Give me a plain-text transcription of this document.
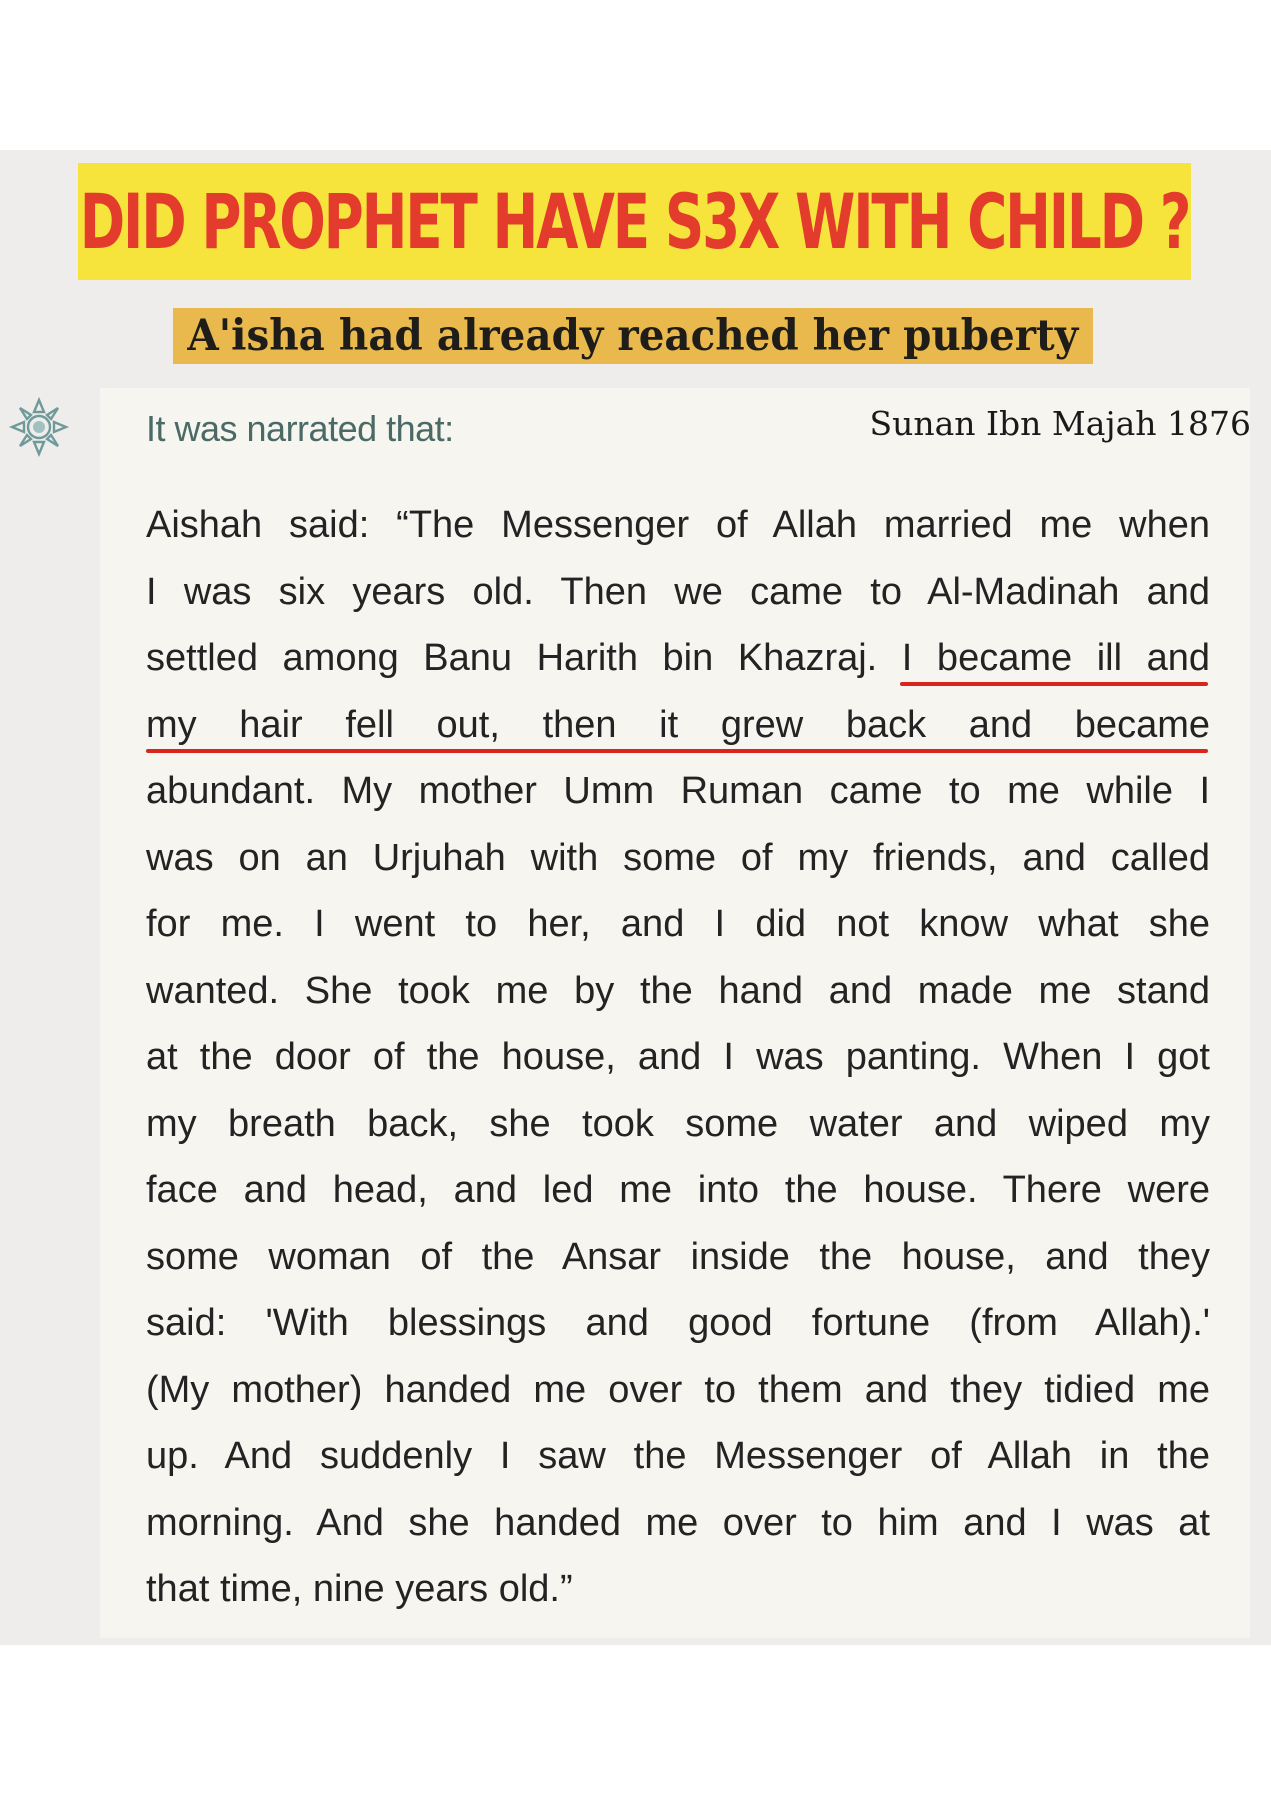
DID PROPHET HAVE S3X WITH CHILD ?
A'isha had already reached her puberty
It was narrated that:	Sunan Ibn Majah 1876
Aishah said: “The Messenger of Allah married me when
I was six years old. Then we came to Al-Madinah and
settled among Banu Harith bin Khazraj. I became ill and
my hair fell out, then it grew back and became
abundant. My mother Umm Ruman came to me while I
was on an Urjuhah with some of my friends, and called
for me. I went to her, and I did not know what she
wanted. She took me by the hand and made me stand
at the door of the house, and I was panting. When I got
my breath back, she took some water and wiped my
face and head, and led me into the house. There were
some woman of the Ansar inside the house, and they
said: 'With blessings and good fortune (from Allah).'
(My mother) handed me over to them and they tidied me
up. And suddenly I saw the Messenger of Allah in the
morning. And she handed me over to him and I was at
that time, nine years old.”
